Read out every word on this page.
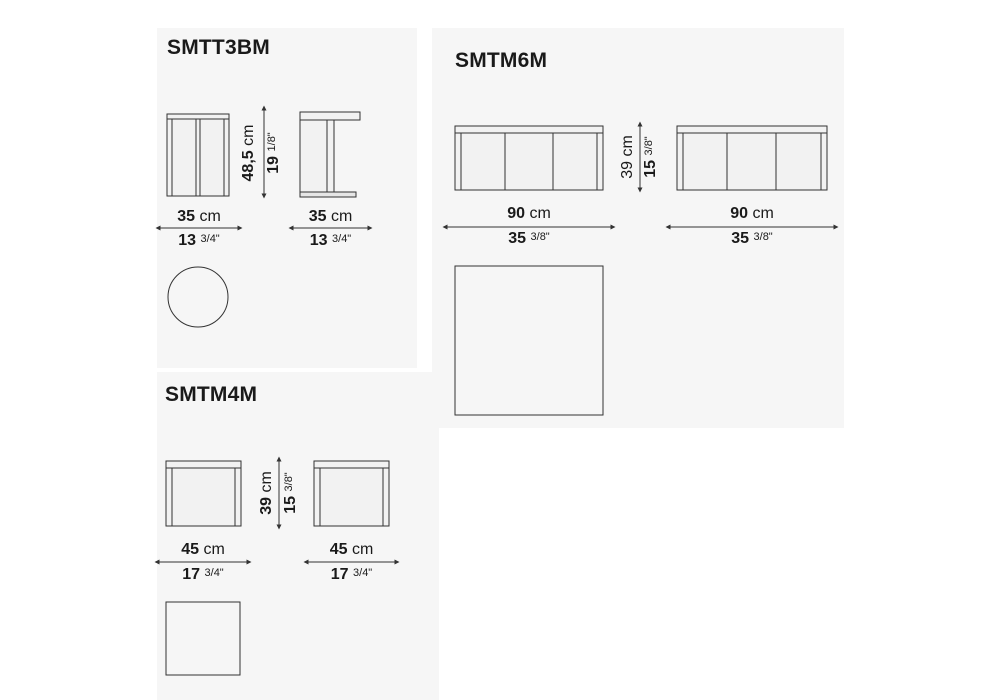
SMTT3BM
SMTM6M
SMTM4M
35 cm
13 3/4"
35 cm
13 3/4"
48,5 cm
19 1/8"
90 cm
35 3/8"
90 cm
35 3/8"
39 cm
15 3/8"
45 cm
17 3/4"
45 cm
17 3/4"
39 cm
15 3/8"
